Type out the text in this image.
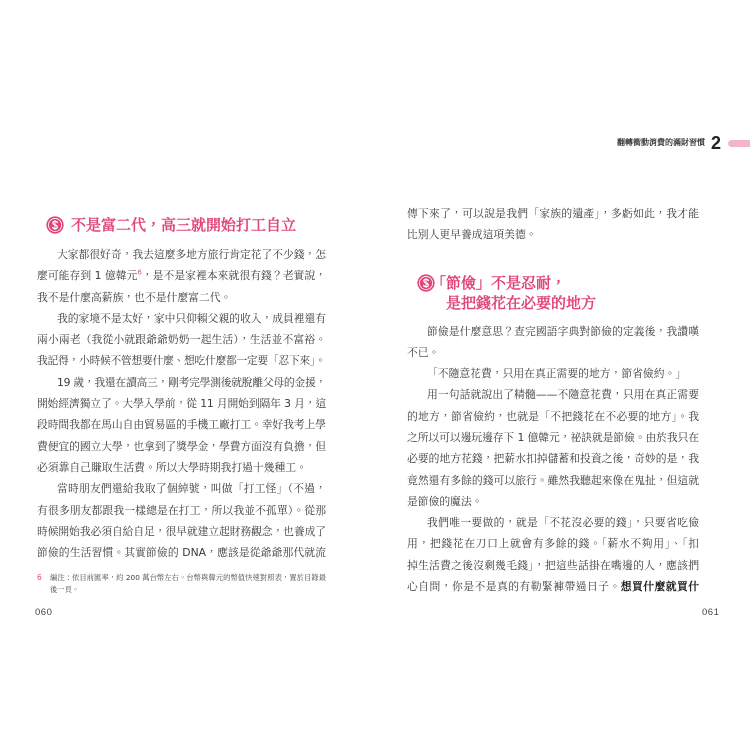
翻轉衝動消費的滿財習慣 2
不是富二代，高三就開始打工自立
大家都很好奇，我去這麼多地方旅行肯定花了不少錢，怎
麼可能存到 1 億韓元$^6$，是不是家裡本來就很有錢？老實說，
我不是什麼高薪族，也不是什麼富二代。
我的家境不是太好，家中只仰賴父親的收入，成員裡還有
兩小兩老（我從小就跟爺爺奶奶一起生活），生活並不富裕。
我記得，小時候不管想要什麼、想吃什麼都一定要「忍下來」。
19 歲，我還在讀高三，剛考完學測後就脫離父母的金援，
開始經濟獨立了。大學入學前，從 11 月開始到隔年 3 月，這
段時間我都在馬山自由貿易區的手機工廠打工。幸好我考上學
費便宜的國立大學，也拿到了獎學金，學費方面沒有負擔，但
必須靠自己賺取生活費。所以大學時期我打過十幾種工。
當時朋友們還給我取了個綽號，叫做「打工怪」（不過，
有很多朋友都跟我一樣總是在打工，所以我並不孤單）。從那
時候開始我必須自給自足，很早就建立起財務觀念，也養成了
節儉的生活習慣。其實節儉的 DNA，應該是從爺爺那代就流
6 編注：依目前匯率，約 200 萬台幣左右。台幣與韓元的幣值快速對照表，置於目錄最
後一頁。
060
傳下來了，可以說是我們「家族的遺產」，多虧如此，我才能
比別人更早養成這項美德。
「節儉」不是忍耐，
是把錢花在必要的地方
節儉是什麼意思？查完國語字典對節儉的定義後，我讚嘆
不已。
「不隨意花費，只用在真正需要的地方，節省儉約。」
用一句話就說出了精髓——不隨意花費，只用在真正需要
的地方，節省儉約，也就是「不把錢花在不必要的地方」。我
之所以可以邊玩邊存下 1 億韓元，祕訣就是節儉。由於我只在
必要的地方花錢，把薪水扣掉儲蓄和投資之後，奇妙的是，我
竟然還有多餘的錢可以旅行。雖然我聽起來像在鬼扯，但這就
是節儉的魔法。
我們唯一要做的，就是「不花沒必要的錢」，只要省吃儉
用，把錢花在刀口上就會有多餘的錢。「薪水不夠用」、「扣
掉生活費之後沒剩幾毛錢」，把這些話掛在嘴邊的人，應該捫
心自問，你是不是真的有勒緊褲帶過日子。想買什麼就買什
061
